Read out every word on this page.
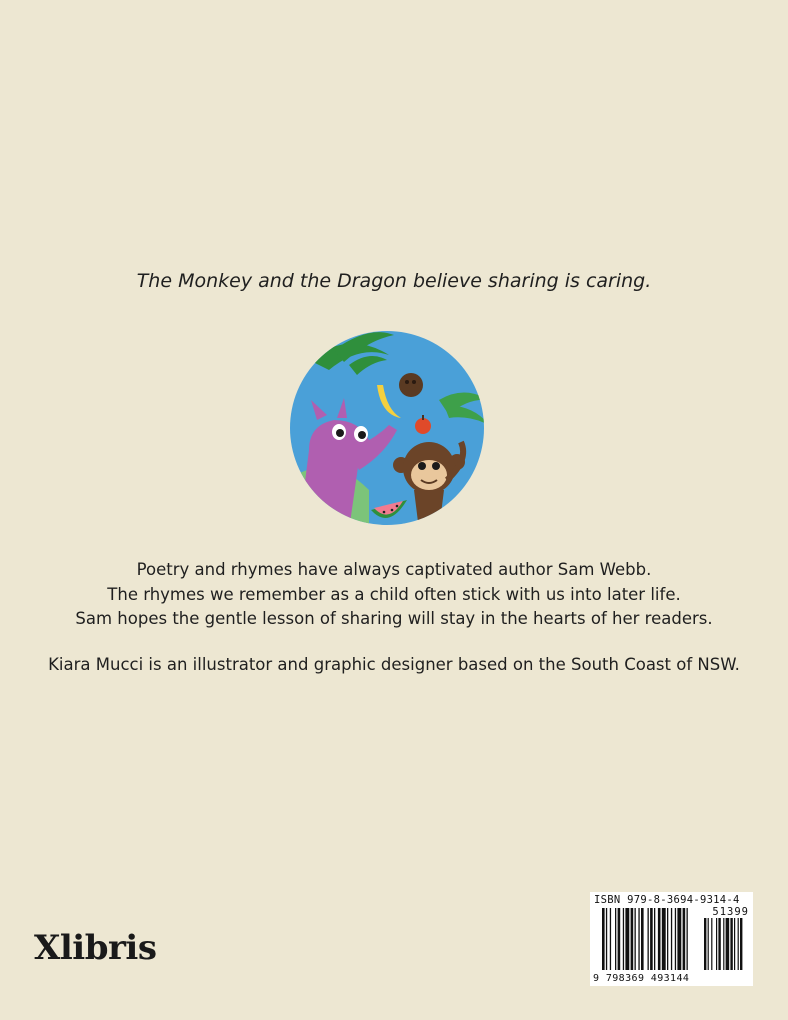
The Monkey and the Dragon believe sharing is caring.

Poetry and rhymes have always captivated author Sam Webb.

The rhymes we remember as a child often stick with us into later life.

Sam hopes the gentle lesson of sharing will stay in the hearts of her readers.

Kiara Mucci is an illustrator and graphic designer based on the South Coast of NSW.
Xlibris
ISBN 979-8-3694-9314-4
51399
9 798369 493144
